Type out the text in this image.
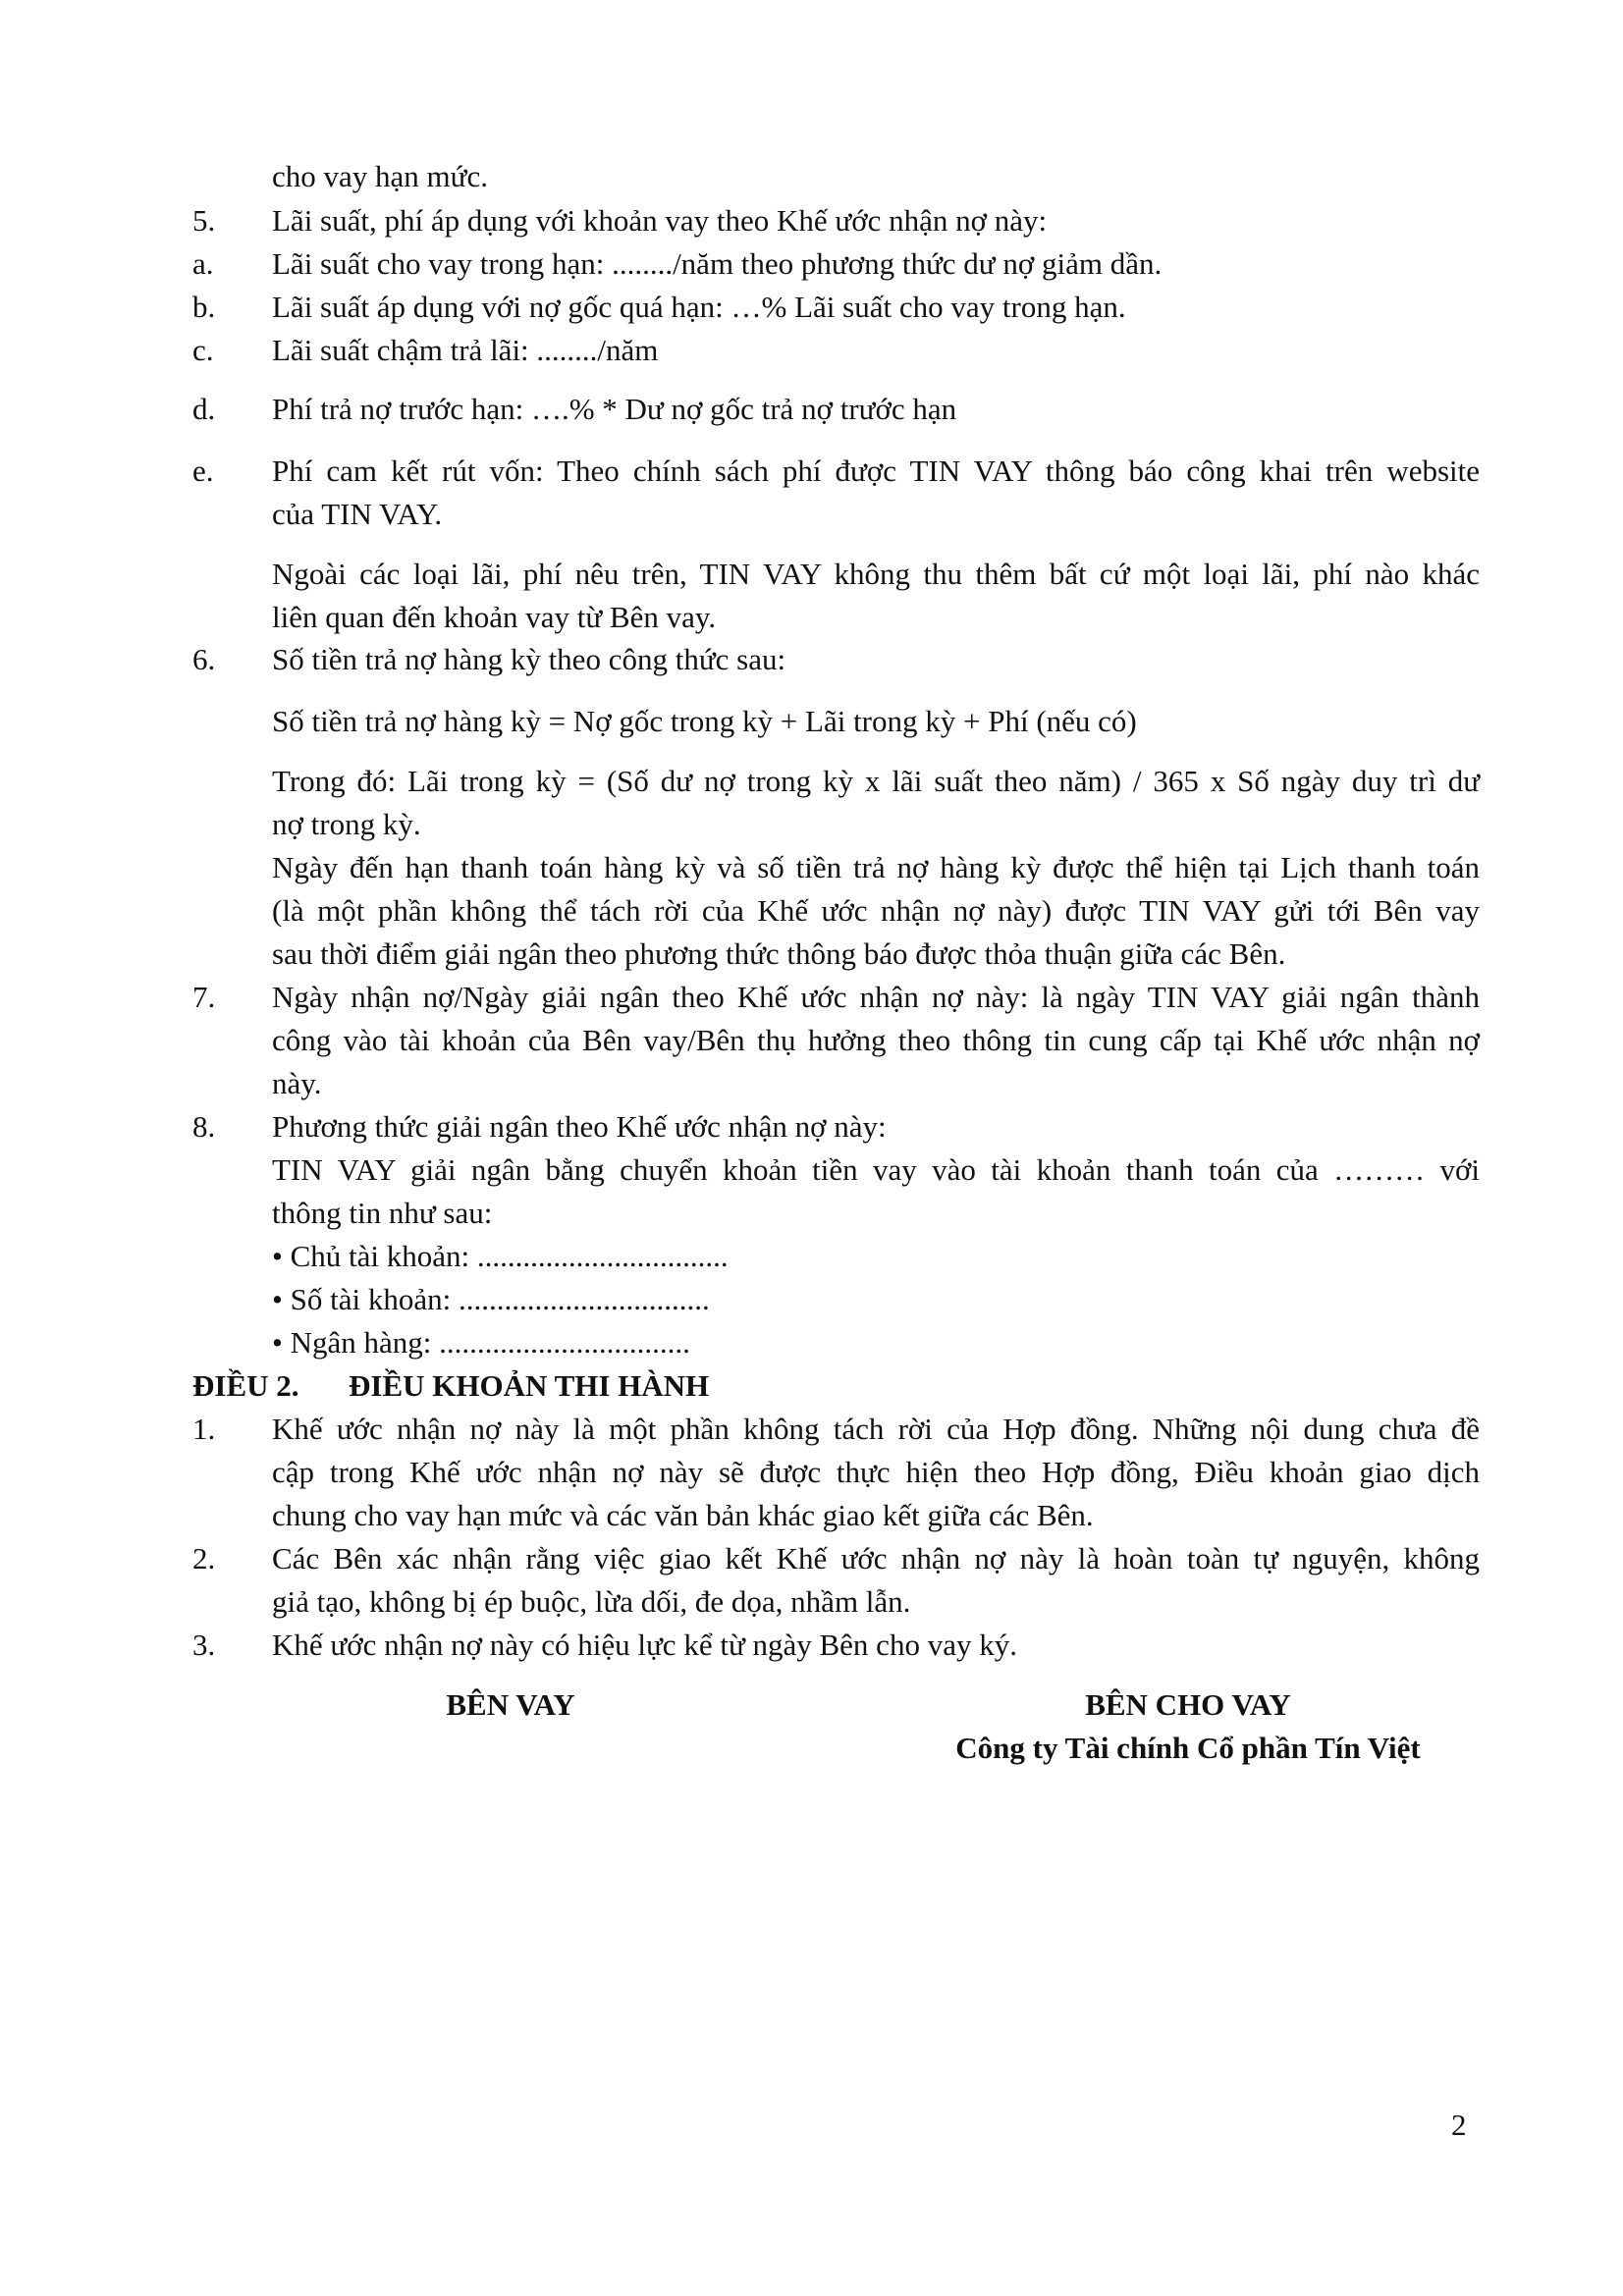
cho vay hạn mức.
5. Lãi suất, phí áp dụng với khoản vay theo Khế ước nhận nợ này:
a. Lãi suất cho vay trong hạn: ......../năm theo phương thức dư nợ giảm dần.
b. Lãi suất áp dụng với nợ gốc quá hạn: …% Lãi suất cho vay trong hạn.
c. Lãi suất chậm trả lãi: ......../năm
d. Phí trả nợ trước hạn: ….% * Dư nợ gốc trả nợ trước hạn
e. Phí cam kết rút vốn: Theo chính sách phí được TIN VAY thông báo công khai trên website
của TIN VAY.
Ngoài các loại lãi, phí nêu trên, TIN VAY không thu thêm bất cứ một loại lãi, phí nào khác
liên quan đến khoản vay từ Bên vay.
6. Số tiền trả nợ hàng kỳ theo công thức sau:
Số tiền trả nợ hàng kỳ = Nợ gốc trong kỳ + Lãi trong kỳ + Phí (nếu có)
Trong đó: Lãi trong kỳ = (Số dư nợ trong kỳ x lãi suất theo năm) / 365 x Số ngày duy trì dư
nợ trong kỳ.
Ngày đến hạn thanh toán hàng kỳ và số tiền trả nợ hàng kỳ được thể hiện tại Lịch thanh toán
(là một phần không thể tách rời của Khế ước nhận nợ này) được TIN VAY gửi tới Bên vay
sau thời điểm giải ngân theo phương thức thông báo được thỏa thuận giữa các Bên.
7. Ngày nhận nợ/Ngày giải ngân theo Khế ước nhận nợ này: là ngày TIN VAY giải ngân thành
công vào tài khoản của Bên vay/Bên thụ hưởng theo thông tin cung cấp tại Khế ước nhận nợ
này.
8. Phương thức giải ngân theo Khế ước nhận nợ này:
TIN VAY giải ngân bằng chuyển khoản tiền vay vào tài khoản thanh toán của ……… với
thông tin như sau:
• Chủ tài khoản: .................................
• Số tài khoản: .................................
• Ngân hàng: .................................
ĐIỀU 2. ĐIỀU KHOẢN THI HÀNH
1. Khế ước nhận nợ này là một phần không tách rời của Hợp đồng. Những nội dung chưa đề
cập trong Khế ước nhận nợ này sẽ được thực hiện theo Hợp đồng, Điều khoản giao dịch
chung cho vay hạn mức và các văn bản khác giao kết giữa các Bên.
2. Các Bên xác nhận rằng việc giao kết Khế ước nhận nợ này là hoàn toàn tự nguyện, không
giả tạo, không bị ép buộc, lừa dối, đe dọa, nhầm lẫn.
3. Khế ước nhận nợ này có hiệu lực kể từ ngày Bên cho vay ký.
BÊN VAY	BÊN CHO VAY
Công ty Tài chính Cổ phần Tín Việt
2
